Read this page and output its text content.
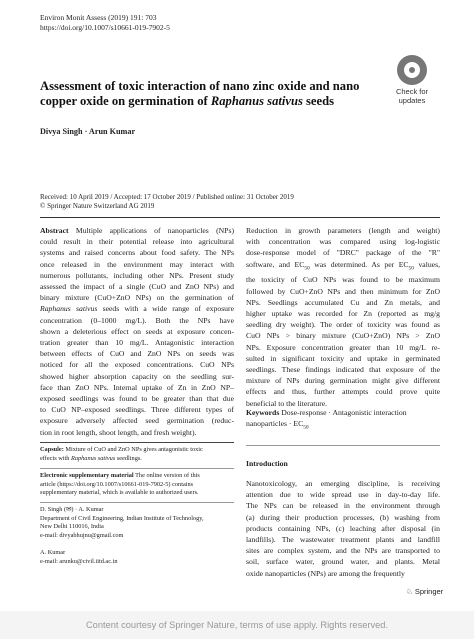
Environ Monit Assess (2019) 191: 703
https://doi.org/10.1007/s10661-019-7902-5
Check for
updates
Assessment of toxic interaction of nano zinc oxide and nano
copper oxide on germination of Raphanus sativus seeds
Divya Singh · Arun Kumar
Received: 10 April 2019 / Accepted: 17 October 2019 / Published online: 31 October 2019
© Springer Nature Switzerland AG 2019
Abstract Multiple applications of nanoparticles (NPs)
could result in their potential release into agricultural
systems and raised concerns about food safety. The NPs
once released in the environment may interact with
numerous pollutants, including other NPs. Present study
assessed the impact of a single (CuO and ZnO NPs) and
binary mixture (CuO+ZnO NPs) on the germination of
Raphanus sativus seeds with a wide range of exposure
concentration (0–1000 mg/L). Both the NPs have
shown a deleterious effect on seeds at exposure concen-
tration greater than 10 mg/L. Antagonistic interaction
between effects of CuO and ZnO NPs on seeds was
noticed for all the exposed concentrations. CuO NPs
showed higher absorption capacity on the seedling sur-
face than ZnO NPs. Internal uptake of Zn in ZnO NP–
exposed seedlings was found to be greater than that due
to CuO NP–exposed seedlings. Three different types of
exposure adversely affected seed germination (reduc-
tion in root length, shoot length, and fresh weight).
Capsule: Mixture of CuO and ZnO NPs gives antagonistic toxic
effects with Raphanus sativus seedlings.
Electronic supplementary material The online version of this
article (https://doi.org/10.1007/s10661-019-7902-5) contains
supplementary material, which is available to authorized users.
D. Singh (✉) · A. Kumar
Department of Civil Engineering, Indian Institute of Technology,
New Delhi 110016, India
e-mail: divyabhujnu@gmail.com
A. Kumar
e-mail: arunku@civil.iitd.ac.in
Reduction in growth parameters (length and weight)
with concentration was compared using log-logistic
dose-response model of "DRC" package of the "R"
software, and $EC_{50}$ was determined. As per $EC_{50}$ values,
the toxicity of CuO NPs was found to be maximum
followed by CuO+ZnO NPs and then minimum for ZnO
NPs. Seedlings accumulated Cu and Zn metals, and
higher uptake was recorded for Zn (reported as mg/g
seedling dry weight). The order of toxicity was found as
CuO NPs > binary mixture (CuO+ZnO) NPs > ZnO
NPs. Exposure concentration greater than 10 mg/L re-
sulted in significant toxicity and uptake in germinated
seedlings. These findings indicated that exposure of the
mixture of NPs during germination might give different
effects and thus, further attempts could prove quite
beneficial to the literature.
Keywords Dose-response · Antagonistic interaction
nanoparticles · $EC_{50}$
Introduction
Nanotoxicology, an emerging discipline, is receiving
attention due to wide spread use in day-to-day life.
The NPs can be released in the environment through
(a) during their production processes, (b) washing from
products containing NPs, (c) leaching after disposal (in
landfills). The wastewater treatment plants and landfill
sites are complex system, and the NPs are transported to
soil, surface water, ground water, and plants. Metal
oxide nanoparticles (NPs) are among the frequently
♘ Springer
Content courtesy of Springer Nature, terms of use apply. Rights reserved.
